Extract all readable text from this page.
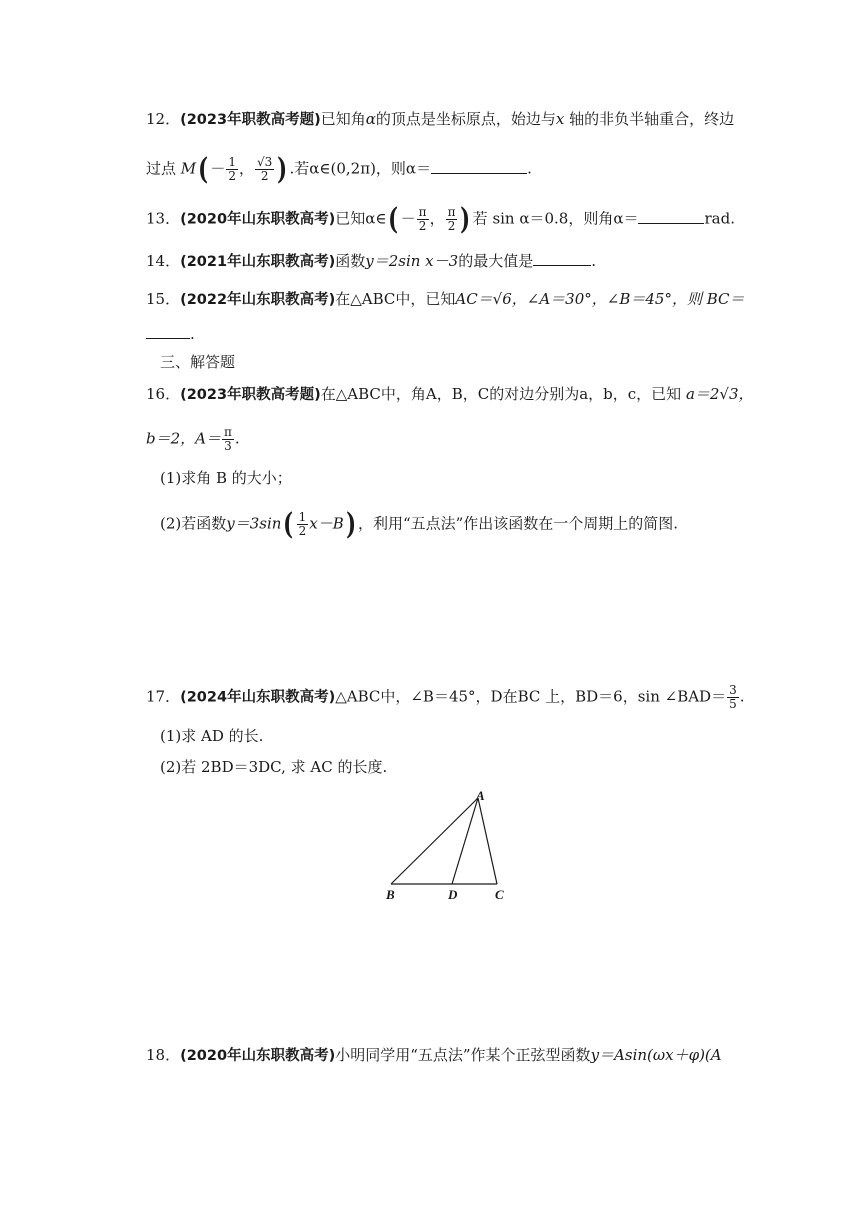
12．(2023年职教高考题)已知角α的顶点是坐标原点，始边与x 轴的非负半轴重合，终边
过点 $M( - \frac{1}{2}$ ， $\frac{√3}{2}$ ) .若α∈(0,2π)，则α＝	.
13．(2020年山东职教高考)已知α∈( － $\frac{\pi}{2}$ ， $\frac{\pi}{2}$ ) 若 sin α＝0.8，则角α＝	rad.
14．(2021年山东职教高考)函数y＝2sin x－3的最大值是	.
15．(2022年山东职教高考)在△ABC中，已知AC＝√6，∠A＝30°，∠B＝45°，则 BC＝
.
三、解答题
16．(2023年职教高考题)在△ABC中，角A，B，C的对边分别为a，b，c，已知 a＝2√3，
b＝2，$A= \frac{\pi}{3}$ .
(1)求角 B 的大小；
(2)若函数$y=3\sin( \frac{1}{2} x-B)$ ，利用“五点法”作出该函数在一个周期上的简图.
17．(2024年山东职教高考)△ABC中，∠B＝45°，D在BC 上，BD＝6，sin ∠BAD＝ $\frac{3}{5}$ .
(1)求 AD 的长.
(2)若 2BD＝3DC, 求 AC 的长度.
A
B	D	C
18．(2020年山东职教高考)小明同学用“五点法”作某个正弦型函数y＝Asin(ωx＋φ)(A
